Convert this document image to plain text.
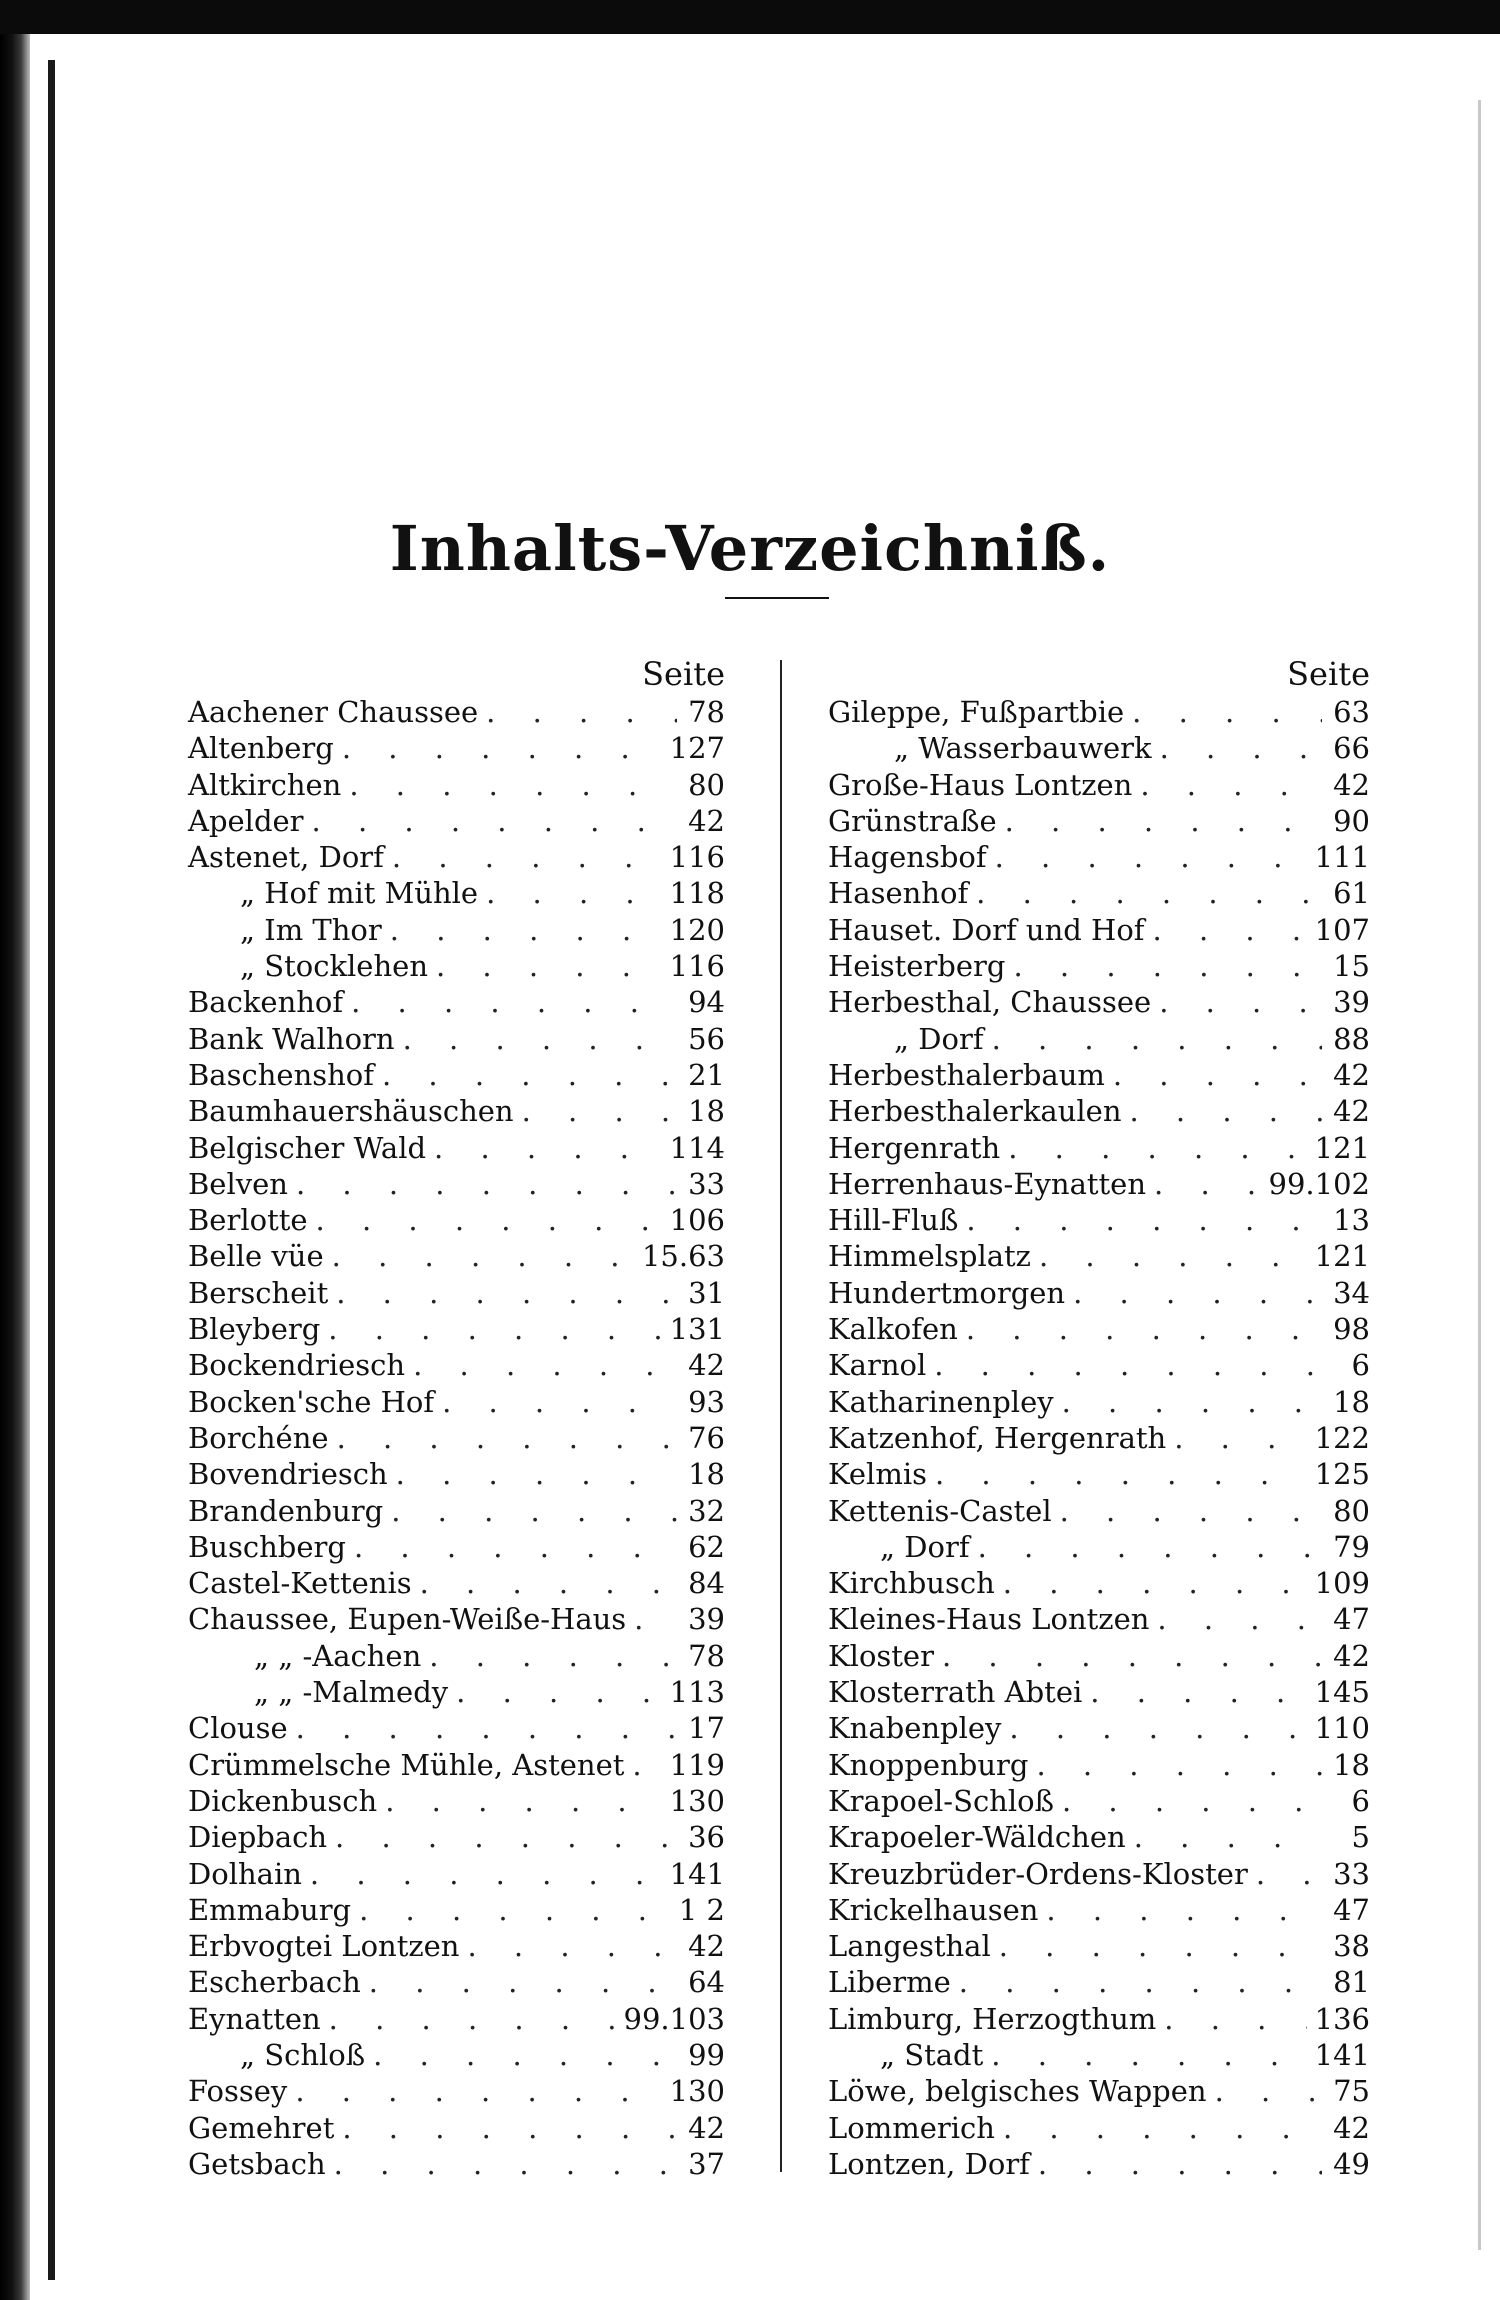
Inhalts-Verzeichniß.
Seite
Aachener Chaussee . . .	78
Altenberg . . .	127
Altkirchen . . .	80
Apelder . . .	42
Astenet, Dorf . . .	116
„ Hof mit Mühle . . .	118
„ Im Thor . . .	120
„ Stocklehen . . .	116
Backenhof . . .	94
Bank Walhorn . . .	56
Baschenshof . . .	21
Baumhauershäuschen . . .	18
Belgischer Wald . . .	114
Belven . . .	33
Berlotte . . .	106
Belle vüe . . .	15.63
Berscheit . . .	31
Bleyberg . . .	131
Bockendriesch . . .	42
Bocken'sche Hof . . .	93
Borchéne . . .	76
Bovendriesch . . .	18
Brandenburg . . .	32
Buschberg . . .	62
Castel-Kettenis . . .	84
Chaussee, Eupen-Weiße-Haus . . . 39
„ „ -Aachen . . .	78
„ „ -Malmedy . . .	113
Clouse . . .	17
Crümmelsche Mühle, Astenet . . . 119
Dickenbusch . . .	130
Diepbach . . .	36
Dolhain . . .	141
Emmaburg . . .	1 2
Erbvogtei Lontzen . . .	42
Escherbach . . .	64
Eynatten . . .	99.103
„ Schloß . . .	99
Fossey . . .	130
Gemehret . . .	42
Getsbach . . .	37
Seite
Gileppe, Fußpartbie . . .	63
„ Wasserbauwerk . . .	66
Große-Haus Lontzen . . .	42
Grünstraße . . .	90
Hagensbof . . .	111
Hasenhof . . .	61
Hauset. Dorf und Hof . . .	107
Heisterberg . . .	15
Herbesthal, Chaussee . . .	39
„ Dorf . . .	88
Herbesthalerbaum . . .	42
Herbesthalerkaulen . . .	42
Hergenrath . . .	121
Herrenhaus-Eynatten . . .	99.102
Hill-Fluß . . .	13
Himmelsplatz . . .	121
Hundertmorgen . . .	34
Kalkofen . . .	98
Karnol . . .	6
Katharinenpley . . .	18
Katzenhof, Hergenrath . . .	122
Kelmis . . .	125
Kettenis-Castel . . .	80
„ Dorf . . .	79
Kirchbusch . . .	109
Kleines-Haus Lontzen . . .	47
Kloster . . .	42
Klosterrath Abtei . . .	145
Knabenpley . . .	110
Knoppenburg . . .	18
Krapoel-Schloß . . .	6
Krapoeler-Wäldchen . . .	5
Kreuzbrüder-Ordens-Kloster . . .	33
Krickelhausen . . .	47
Langesthal . . .	38
Liberme . . .	81
Limburg, Herzogthum . . .	136
„ Stadt . . .	141
Löwe, belgisches Wappen . . .	75
Lommerich . . .	42
Lontzen, Dorf . . .	49
